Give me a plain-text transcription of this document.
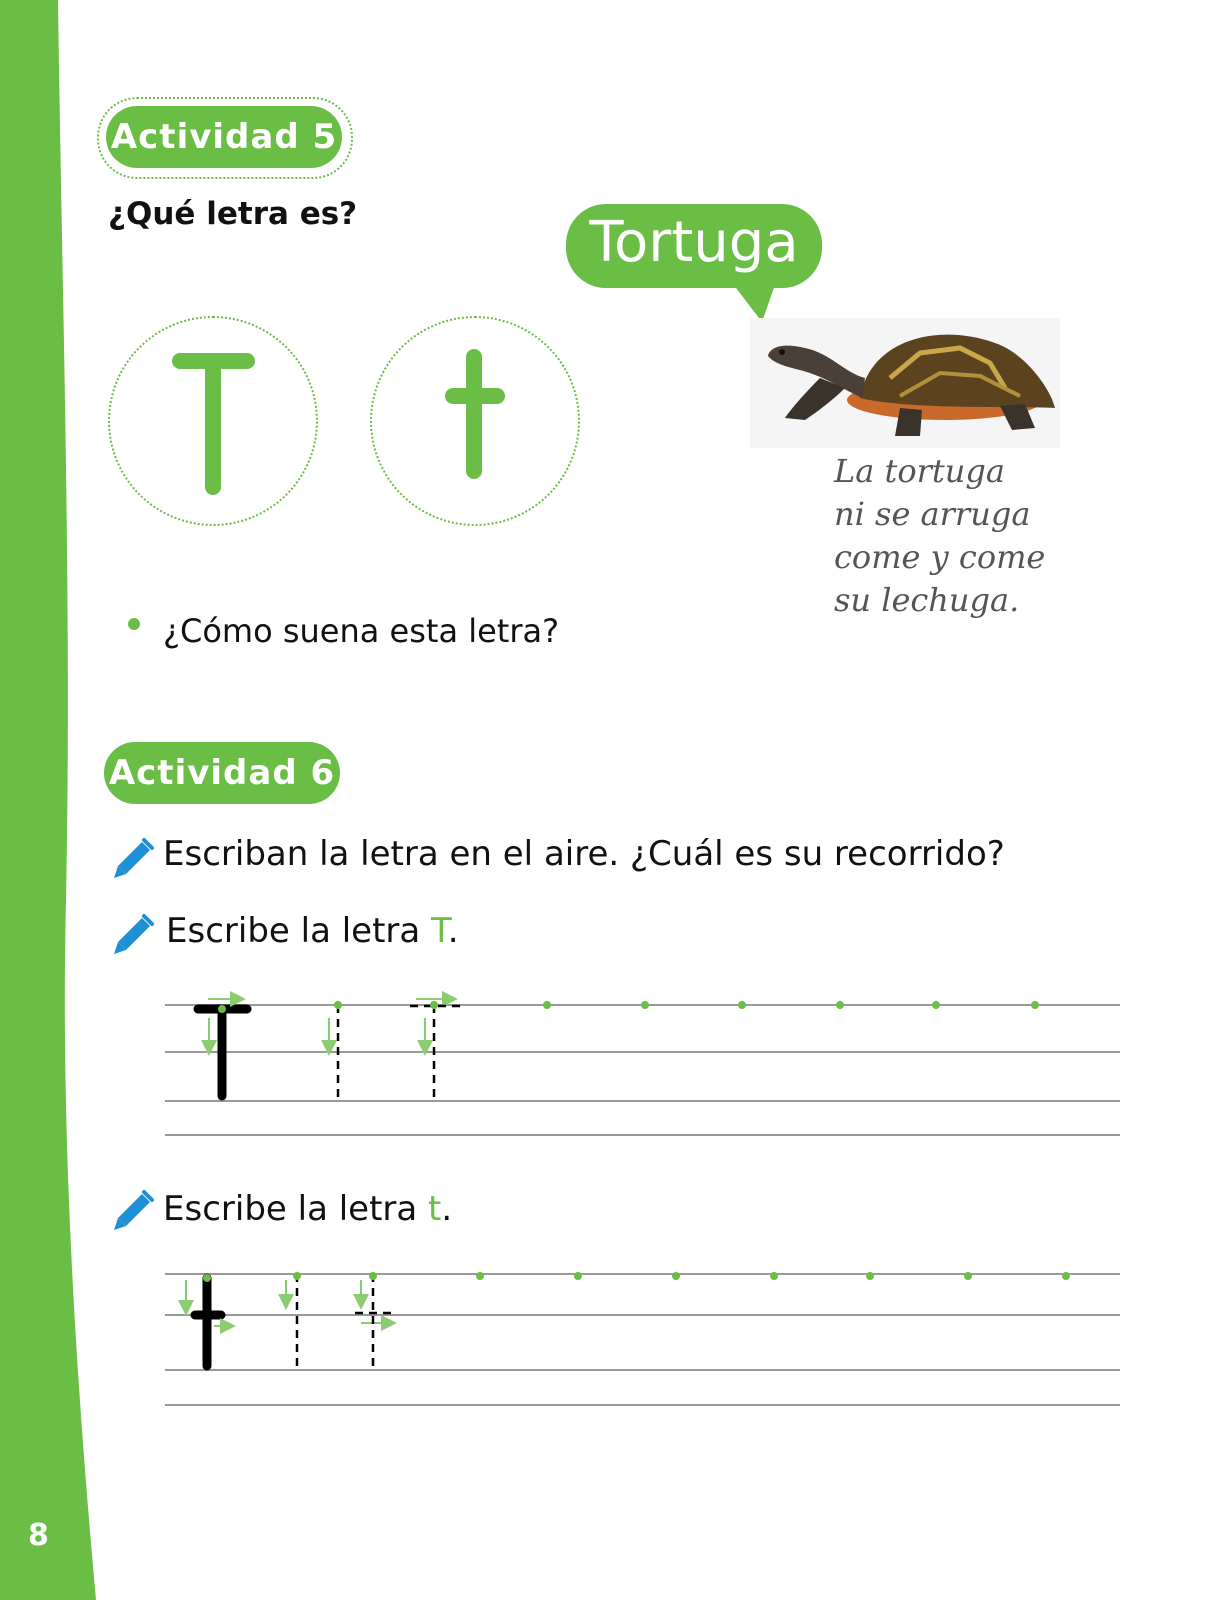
8
Actividad 5
¿Qué letra es?	Tortuga
La tortuga
ni se arruga
come y come
su lechuga.
¿Cómo suena esta letra?
Actividad 6
Escriban la letra en el aire. ¿Cuál es su recorrido?
Escribe la letra T.
Escribe la letra t.
